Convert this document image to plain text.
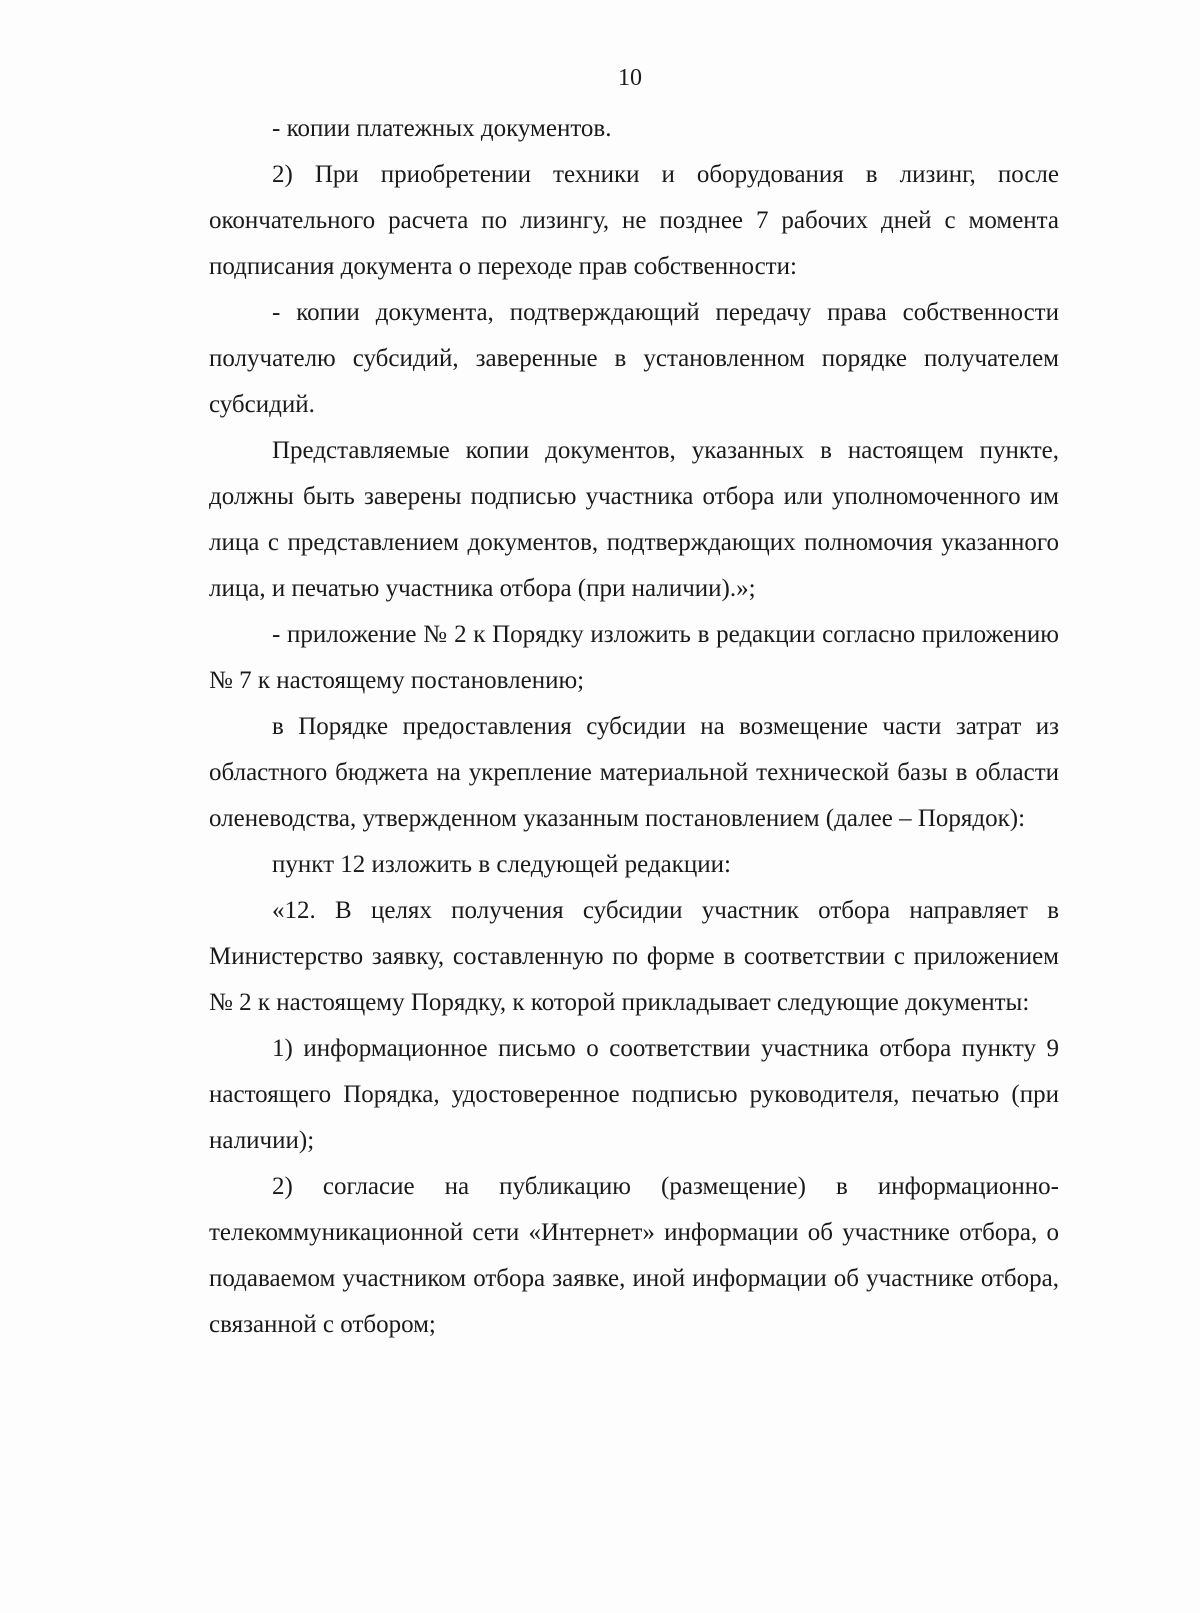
10

- копии платежных документов.

2) При приобретении техники и оборудования в лизинг, после окончательного расчета по лизингу, не позднее 7 рабочих дней с момента подписания документа о переходе прав собственности:

- копии документа, подтверждающий передачу права собственности получателю субсидий, заверенные в установленном порядке получателем субсидий.

Представляемые копии документов, указанных в настоящем пункте, должны быть заверены подписью участника отбора или уполномоченного им лица с представлением документов, подтверждающих полномочия указанного лица, и печатью участника отбора (при наличии).»;

- приложение № 2 к Порядку изложить в редакции согласно приложению № 7 к настоящему постановлению;

в Порядке предоставления субсидии на возмещение части затрат из областного бюджета на укрепление материальной технической базы в области оленеводства, утвержденном указанным постановлением (далее – Порядок):

пункт 12 изложить в следующей редакции:

«12. В целях получения субсидии участник отбора направляет в Министерство заявку, составленную по форме в соответствии с приложением № 2 к настоящему Порядку, к которой прикладывает следующие документы:

1) информационное письмо о соответствии участника отбора пункту 9 настоящего Порядка, удостоверенное подписью руководителя, печатью (при наличии);

2) согласие на публикацию (размещение) в информационно-телекоммуникационной сети «Интернет» информации об участнике отбора, о подаваемом участником отбора заявке, иной информации об участнике отбора, связанной с отбором;
